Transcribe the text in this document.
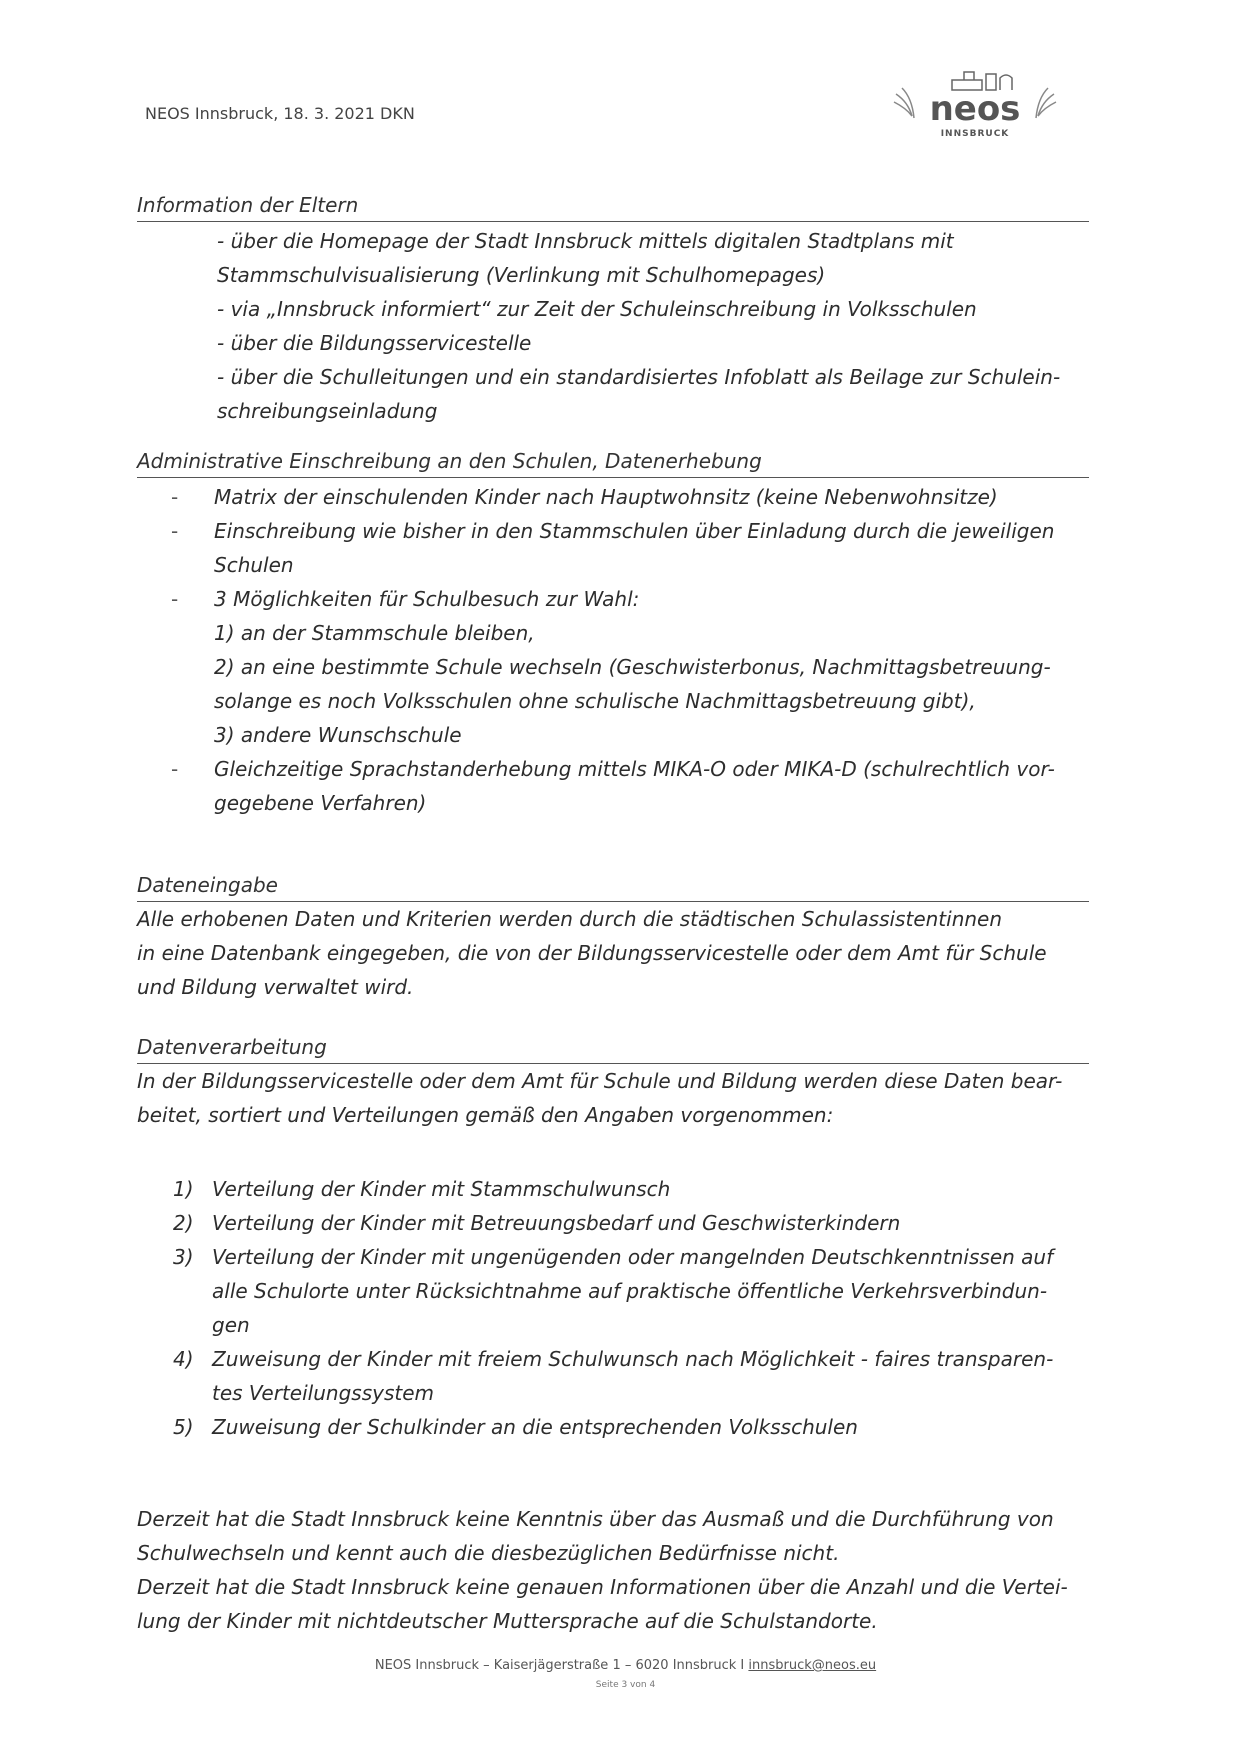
NEOS Innsbruck, 18. 3. 2021 DKN	neos
INNSBRUCK
Information der Eltern
- über die Homepage der Stadt Innsbruck mittels digitalen Stadtplans mit
Stammschulvisualisierung (Verlinkung mit Schulhomepages)
- via „Innsbruck informiert“ zur Zeit der Schuleinschreibung in Volksschulen
- über die Bildungsservicestelle
- über die Schulleitungen und ein standardisiertes Infoblatt als Beilage zur Schulein-
schreibungseinladung
Administrative Einschreibung an den Schulen, Datenerhebung
- Matrix der einschulenden Kinder nach Hauptwohnsitz (keine Nebenwohnsitze)
- Einschreibung wie bisher in den Stammschulen über Einladung durch die jeweiligen
Schulen
- 3 Möglichkeiten für Schulbesuch zur Wahl:
1) an der Stammschule bleiben,
2) an eine bestimmte Schule wechseln (Geschwisterbonus, Nachmittagsbetreuung-
solange es noch Volksschulen ohne schulische Nachmittagsbetreuung gibt),
3) andere Wunschschule
- Gleichzeitige Sprachstanderhebung mittels MIKA-O oder MIKA-D (schulrechtlich vor-
gegebene Verfahren)
Dateneingabe
Alle erhobenen Daten und Kriterien werden durch die städtischen Schulassistentinnen
in eine Datenbank eingegeben, die von der Bildungsservicestelle oder dem Amt für Schule
und Bildung verwaltet wird.
Datenverarbeitung
In der Bildungsservicestelle oder dem Amt für Schule und Bildung werden diese Daten bear-
beitet, sortiert und Verteilungen gemäß den Angaben vorgenommen:
1) Verteilung der Kinder mit Stammschulwunsch
2) Verteilung der Kinder mit Betreuungsbedarf und Geschwisterkindern
3) Verteilung der Kinder mit ungenügenden oder mangelnden Deutschkenntnissen auf
alle Schulorte unter Rücksichtnahme auf praktische öffentliche Verkehrsverbindun-
gen
4) Zuweisung der Kinder mit freiem Schulwunsch nach Möglichkeit - faires transparen-
tes Verteilungssystem
5) Zuweisung der Schulkinder an die entsprechenden Volksschulen
Derzeit hat die Stadt Innsbruck keine Kenntnis über das Ausmaß und die Durchführung von
Schulwechseln und kennt auch die diesbezüglichen Bedürfnisse nicht.
Derzeit hat die Stadt Innsbruck keine genauen Informationen über die Anzahl und die Vertei-
lung der Kinder mit nichtdeutscher Muttersprache auf die Schulstandorte.
NEOS Innsbruck – Kaiserjägerstraße 1 – 6020 Innsbruck I innsbruck@neos.eu
Seite 3 von 4
